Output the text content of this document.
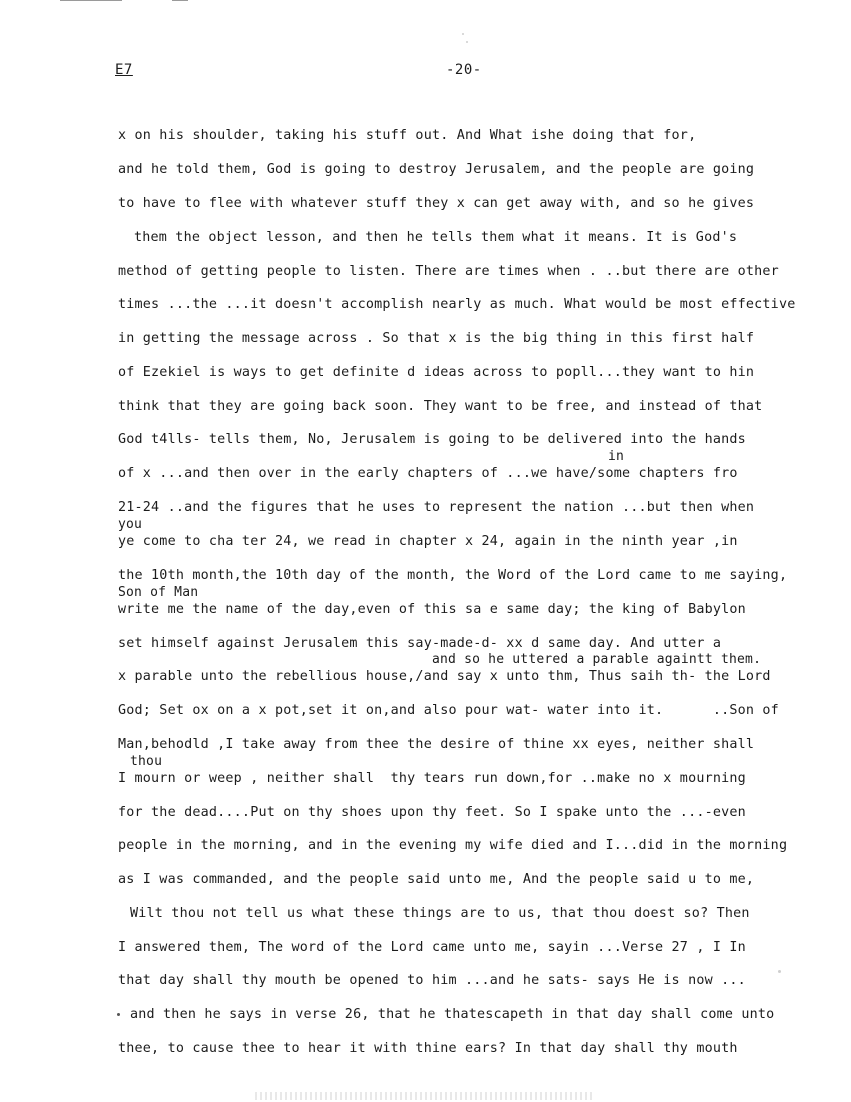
E7	-20-
x on his shoulder, taking his stuff out. And What ishe doing that for,
and he told them, God is going to destroy Jerusalem, and the people are going
to have to flee with whatever stuff they x can get away with, and so he gives
them the object lesson, and then he tells them what it means. It is God's
method of getting people to listen. There are times when . ..but there are other
times ...the ...it doesn't accomplish nearly as much. What would be most effective
in getting the message across . So that x is the big thing in this first half
of Ezekiel is ways to get definite d ideas across to popll...they want to hin
think that they are going back soon. They want to be free, and instead of that
God t4lls- tells them, No, Jerusalem is going to be delivered into the hands
in
of x ...and then over in the early chapters of ...we have/some chapters fro
21-24 ..and the figures that he uses to represent the nation ...but then when
you
ye come to cha ter 24, we read in chapter x 24, again in the ninth year ,in
the 10th month,the 10th day of the month, the Word of the Lord came to me saying,
Son of Man
write me the name of the day,even of this sa e same day; the king of Babylon
set himself against Jerusalem this say-made-d- xx d same day. And utter a
and so he uttered a parable againtt them.
x parable unto the rebellious house,/and say x unto thm, Thus saih th- the Lord
God; Set ox on a x pot,set it on,and also pour wat- water into it.      ..Son of
Man,behodld ,I take away from thee the desire of thine xx eyes, neither shall
thou
I mourn or weep , neither shall  thy tears run down,for ..make no x mourning
for the dead....Put on thy shoes upon thy feet. So I spake unto the ...-even
people in the morning, and in the evening my wife died and I...did in the morning
as I was commanded, and the people said unto me, And the people said u to me,
Wilt thou not tell us what these things are to us, that thou doest so? Then
I answered them, The word of the Lord came unto me, sayin ...Verse 27 , I In
that day shall thy mouth be opened to him ...and he sats- says He is now ...
and then he says in verse 26, that he thatescapeth in that day shall come unto
thee, to cause thee to hear it with thine ears? In that day shall thy mouth
